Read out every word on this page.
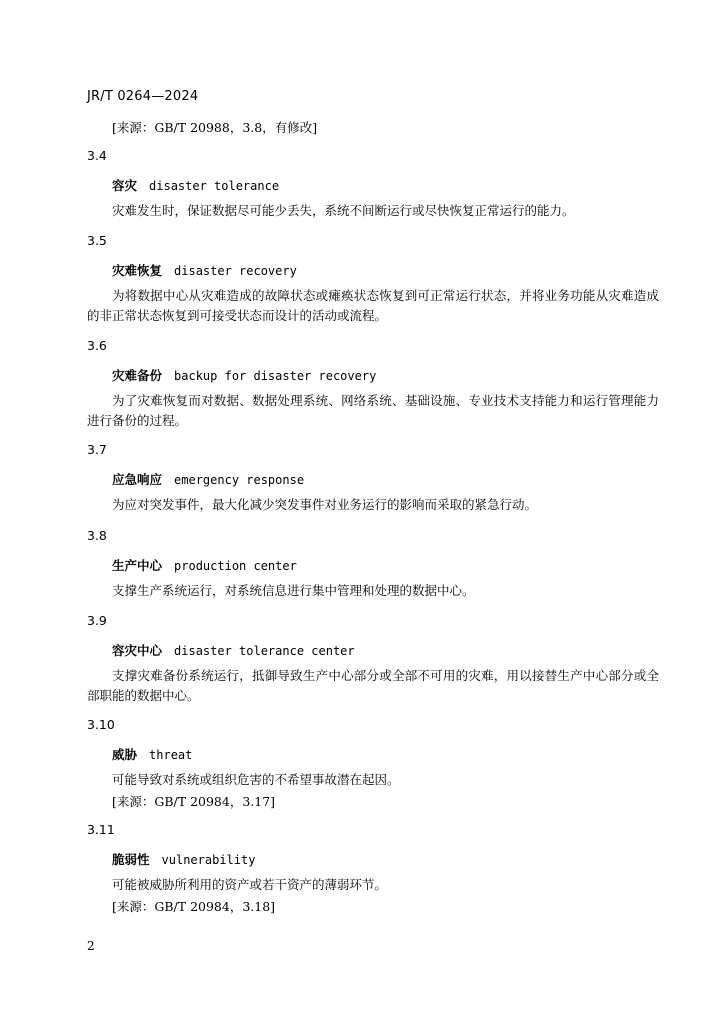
JR/T 0264—2024
[来源：GB/T 20988，3.8，有修改]
3.4
容灾 disaster tolerance
灾难发生时，保证数据尽可能少丢失，系统不间断运行或尽快恢复正常运行的能力。
3.5
灾难恢复 disaster recovery
为将数据中心从灾难造成的故障状态或瘫痪状态恢复到可正常运行状态，并将业务功能从灾难造成的非正常状态恢复到可接受状态而设计的活动或流程。
3.6
灾难备份 backup for disaster recovery
为了灾难恢复而对数据、数据处理系统、网络系统、基础设施、专业技术支持能力和运行管理能力进行备份的过程。
3.7
应急响应 emergency response
为应对突发事件，最大化减少突发事件对业务运行的影响而采取的紧急行动。
3.8
生产中心 production center
支撑生产系统运行，对系统信息进行集中管理和处理的数据中心。
3.9
容灾中心 disaster tolerance center
支撑灾难备份系统运行，抵御导致生产中心部分或全部不可用的灾难，用以接替生产中心部分或全部职能的数据中心。
3.10
威胁 threat
可能导致对系统或组织危害的不希望事故潜在起因。
[来源：GB/T 20984，3.17]
3.11
脆弱性 vulnerability
可能被威胁所利用的资产或若干资产的薄弱环节。
[来源：GB/T 20984，3.18]
2
